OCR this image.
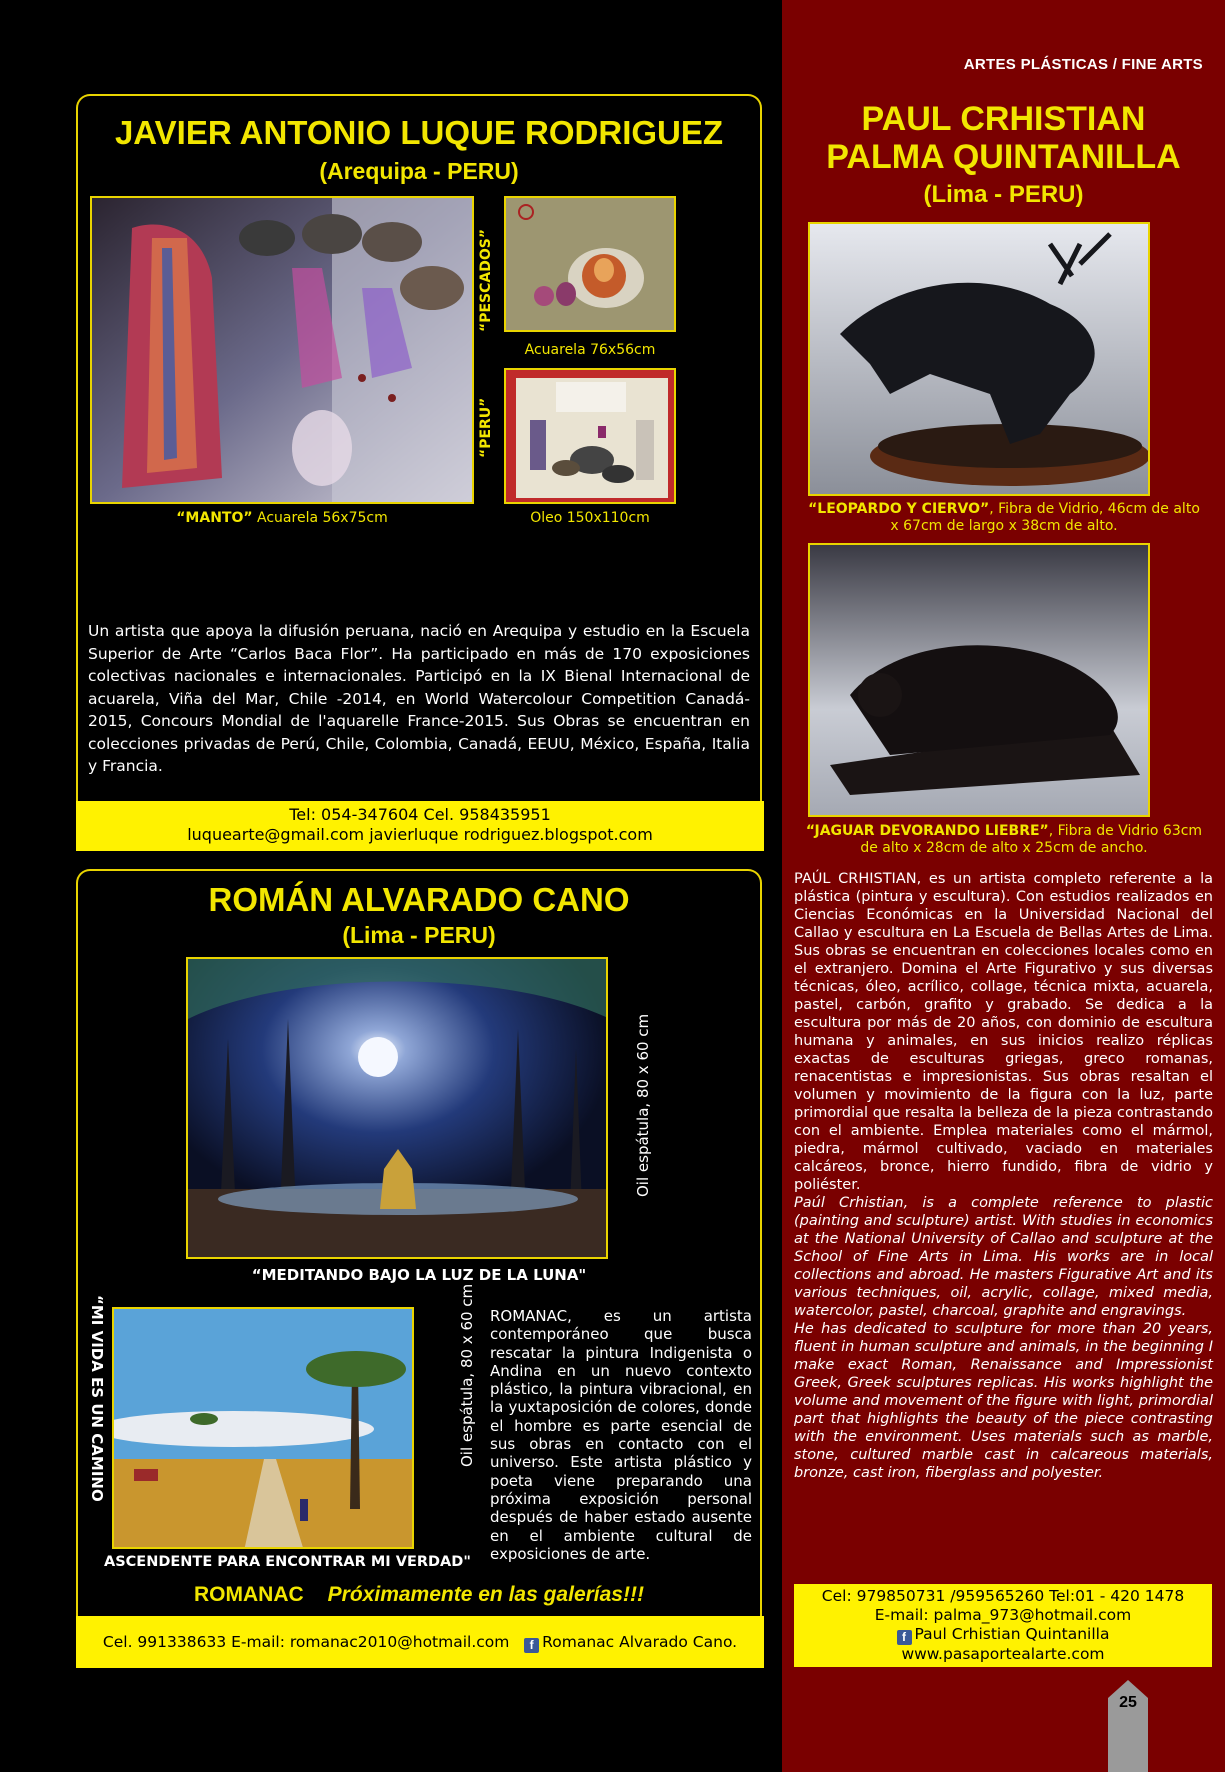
ARTES PLÁSTICAS / FINE ARTS
JAVIER ANTONIO LUQUE RODRIGUEZ
(Arequipa - PERU)
“MANTO” Acuarela 56x75cm
“PESCADOS”
Acuarela 76x56cm
“PERU”
Oleo 150x110cm

Un artista que apoya la difusión peruana, nació en Arequipa y estudio en la Escuela Superior de Arte “Carlos Baca Flor”. Ha participado en más de 170 exposiciones colectivas nacionales e internacionales. Participó en la IX Bienal Internacional de acuarela, Viña del Mar, Chile -2014, en World Watercolour Competition Canadá- 2015, Concours Mondial de l'aquarelle France-2015. Sus Obras se encuentran en colecciones privadas de Perú, Chile, Colombia, Canadá, EEUU, México, España, Italia y Francia.

Tel: 054-347604 Cel. 958435951
luquearte@gmail.com javierluque rodriguez.blogspot.com
ROMÁN ALVARADO CANO
(Lima - PERU)
Oil espátula, 80 x 60 cm
“MEDITANDO BAJO LA LUZ DE LA LUNA"
“MI VIDA ES UN CAMINO	Oil espátula, 80 x 60 cm
ASCENDENTE PARA ENCONTRAR MI VERDAD"

ROMANAC, es un artista contemporáneo que busca rescatar la pintura Indigenista o Andina en un nuevo contexto plástico, la pintura vibracional, en la yuxtaposición de colores, donde el hombre es parte esencial de sus obras en contacto con el universo. Este artista plástico y poeta viene preparando una próxima exposición personal después de haber estado ausente en el ambiente cultural de exposiciones de arte.

ROMANAC Próximamente en las galerías!!!
Cel. 991338633 E-mail: romanac2010@hotmail.com f Romanac Alvarado Cano.
PAUL CRHISTIAN
PALMA QUINTANILLA
(Lima - PERU)
“LEOPARDO Y CIERVO”, Fibra de Vidrio, 46cm de alto x 67cm de largo x 38cm de alto.
“JAGUAR DEVORANDO LIEBRE”, Fibra de Vidrio 63cm de alto x 28cm de alto x 25cm de ancho.

PAÚL CRHISTIAN, es un artista completo referente a la plástica (pintura y escultura). Con estudios realizados en Ciencias Económicas en la Universidad Nacional del Callao y escultura en La Escuela de Bellas Artes de Lima. Sus obras se encuentran en colecciones locales como en el extranjero. Domina el Arte Figurativo y sus diversas técnicas, óleo, acrílico, collage, técnica mixta, acuarela, pastel, carbón, grafito y grabado. Se dedica a la escultura por más de 20 años, con dominio de escultura humana y animales, en sus inicios realizo réplicas exactas de esculturas griegas, greco romanas, renacentistas e impresionistas. Sus obras resaltan el volumen y movimiento de la figura con la luz, parte primordial que resalta la belleza de la pieza contrastando con el ambiente. Emplea materiales como el mármol, piedra, mármol cultivado, vaciado en materiales calcáreos, bronce, hierro fundido, fibra de vidrio y poliéster.

Paúl Crhistian, is a complete reference to plastic (painting and sculpture) artist. With studies in economics at the National University of Callao and sculpture at the School of Fine Arts in Lima. His works are in local collections and abroad. He masters Figurative Art and its various techniques, oil, acrylic, collage, mixed media, watercolor, pastel, charcoal, graphite and engravings.

He has dedicated to sculpture for more than 20 years, fluent in human sculpture and animals, in the beginning I make exact Roman, Renaissance and Impressionist Greek, Greek sculptures replicas. His works highlight the volume and movement of the figure with light, primordial part that highlights the beauty of the piece contrasting with the environment. Uses materials such as marble, stone, cultured marble cast in calcareous materials, bronze, cast iron, fiberglass and polyester.

Cel: 979850731 /959565260 Tel:01 - 420 1478
E-mail: palma_973@hotmail.com
f Paul Crhistian Quintanilla
www.pasaportealarte.com
25
